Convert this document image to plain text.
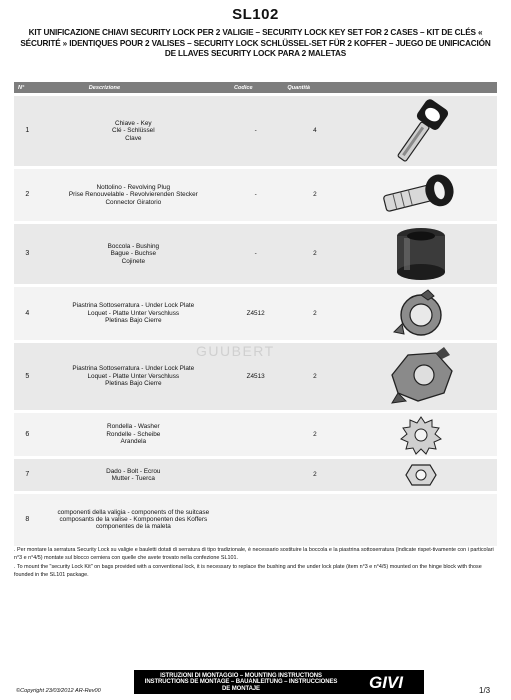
SL102
KIT UNIFICAZIONE CHIAVI SECURITY LOCK PER 2 VALIGIE – SECURITY LOCK KEY SET FOR 2 CASES – KIT DE CLÉS « SÉCURITÉ » IDENTIQUES POUR 2 VALISES – SECURITY LOCK SCHLÜSSEL-SET FÜR 2 KOFFER – JUEGO DE UNIFICACIÓN DE LLAVES SECURITY LOCK PARA 2 MALETAS
N°	Descrizione	Codice	Quantità	
1	Chiave - Key
Clé - Schlüssel
Clave	-	4	

2	Nottolino - Revolving Plug
Prise Renouvelable - Revolvierenden Stecker
Connector Giratorio	-	2	

3	Boccola - Bushing
Bague - Buchse
Cojinete	-	2	

4	Piastrina Sottoserratura - Under Lock Plate
Loquet - Platte Unter Verschluss
Pletinas Bajo Cierre	Z4512	2	

5	Piastrina Sottoserratura - Under Lock Plate
Loquet - Platte Unter Verschluss
Pletinas Bajo Cierre	Z4513	2	

6	Rondella - Washer
Rondelle - Scheibe
Arandela		2	

7	Dado - Bolt - Ecrou
Mutter - Tuerca		2	

8	componenti della valigia - components of the suitcase
composants de la valise - Komponenten des Koffers
componentes de la maleta			

GUUBERT

. Per montare la serratura Security Lock su valigie e bauletti dotati di serratura di tipo tradizionale, è necessario sostituire la boccola e la piastrina sottoserratura (indicate rispet-tivamente con i particolari n°3 e n°4/5) montate sul blocco cerniera con quelle che avete trovato nella confezione SL101.

. To mount the "security Lock Kit" on bags provided with a conventional lock, it is necessary to replace the bushing and the under lock plate (item n°3 e n°4/5) mounted on the hinge block with those founded in the SL101 package.

ISTRUZIONI DI MONTAGGIO – MOUNTING INSTRUCTIONS
INSTRUCTIONS DE MONTAGE – BAUANLEITUNG – INSTRUCCIONES
DE MONTAJE	GIVI
©Copyright 23/03/2012 AR-Rev00	1/3
